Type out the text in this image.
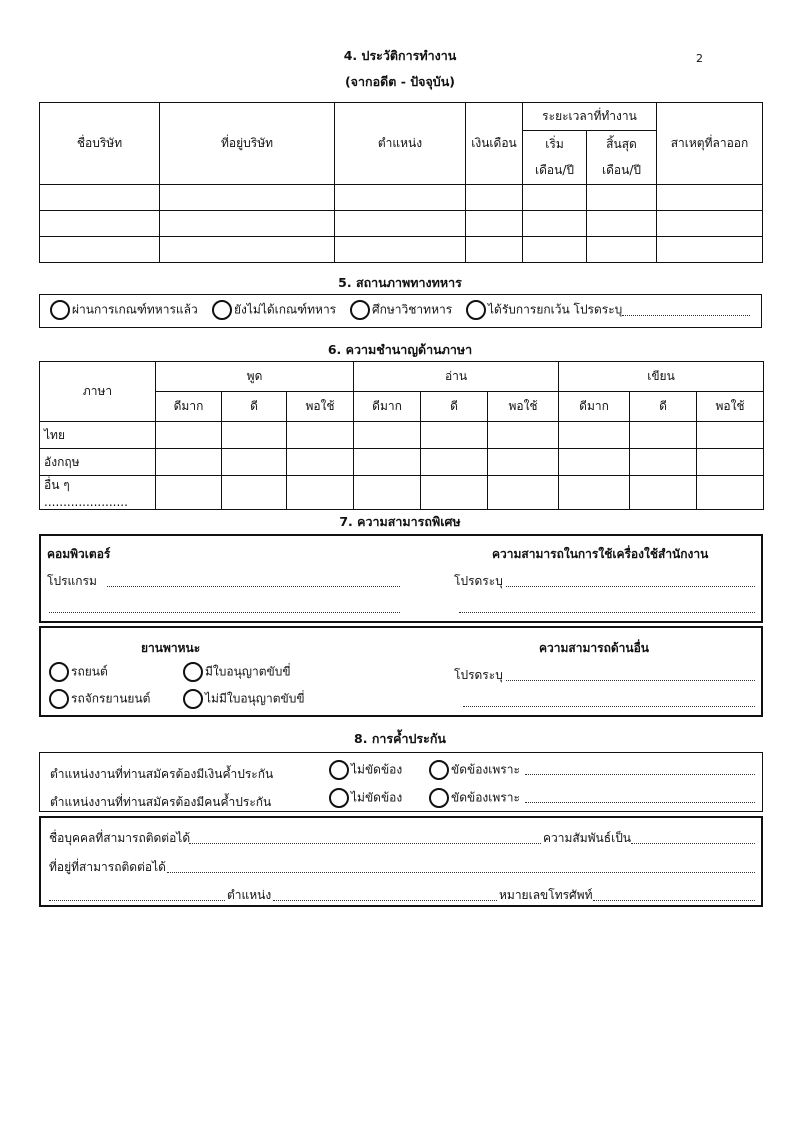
2
4. ประวัติการทำงาน
(จากอดีต - ปัจจุบัน)
ชื่อบริษัท	ที่อยู่บริษัท	ตำแหน่ง	เงินเดือน	ระยะเวลาที่ทำงาน		สาเหตุที่ลาออก
				เริ่ม	สิ้นสุด	
				เดือน/ปี	เดือน/ปี	

5. สถานภาพทางทหาร
ผ่านการเกณฑ์ทหารแล้ว	ยังไม่ได้เกณฑ์ทหาร	ศึกษาวิชาทหาร	ได้รับการยกเว้น โปรดระบุ
6. ความชำนาญด้านภาษา
ภาษา	พูด			อ่าน			เขียน		
	ดีมาก	ดี	พอใช้	ดีมาก	ดี	พอใช้	ดีมาก	ดี	พอใช้
ไทย									
อังกฤษ									
อื่น ๆ ......................									
7. ความสามารถพิเศษ
คอมพิวเตอร์
โปรแกรม
ความสามารถในการใช้เครื่องใช้สำนักงาน
โปรดระบุ
ยานพาหนะ
รถยนต์
รถจักรยานยนต์
มีใบอนุญาตขับขี่
ไม่มีใบอนุญาตขับขี่
ความสามารถด้านอื่น
โปรดระบุ
8. การค้ำประกัน
ตำแหน่งงานที่ท่านสมัครต้องมีเงินค้ำประกัน	ไม่ขัดข้อง	ขัดข้องเพราะ
ตำแหน่งงานที่ท่านสมัครต้องมีคนค้ำประกัน	ไม่ขัดข้อง	ขัดข้องเพราะ
ชื่อบุคคลที่สามารถติดต่อได้	ความสัมพันธ์เป็น
ที่อยู่ที่สามารถติดต่อได้
ตำแหน่ง	หมายเลขโทรศัพท์
